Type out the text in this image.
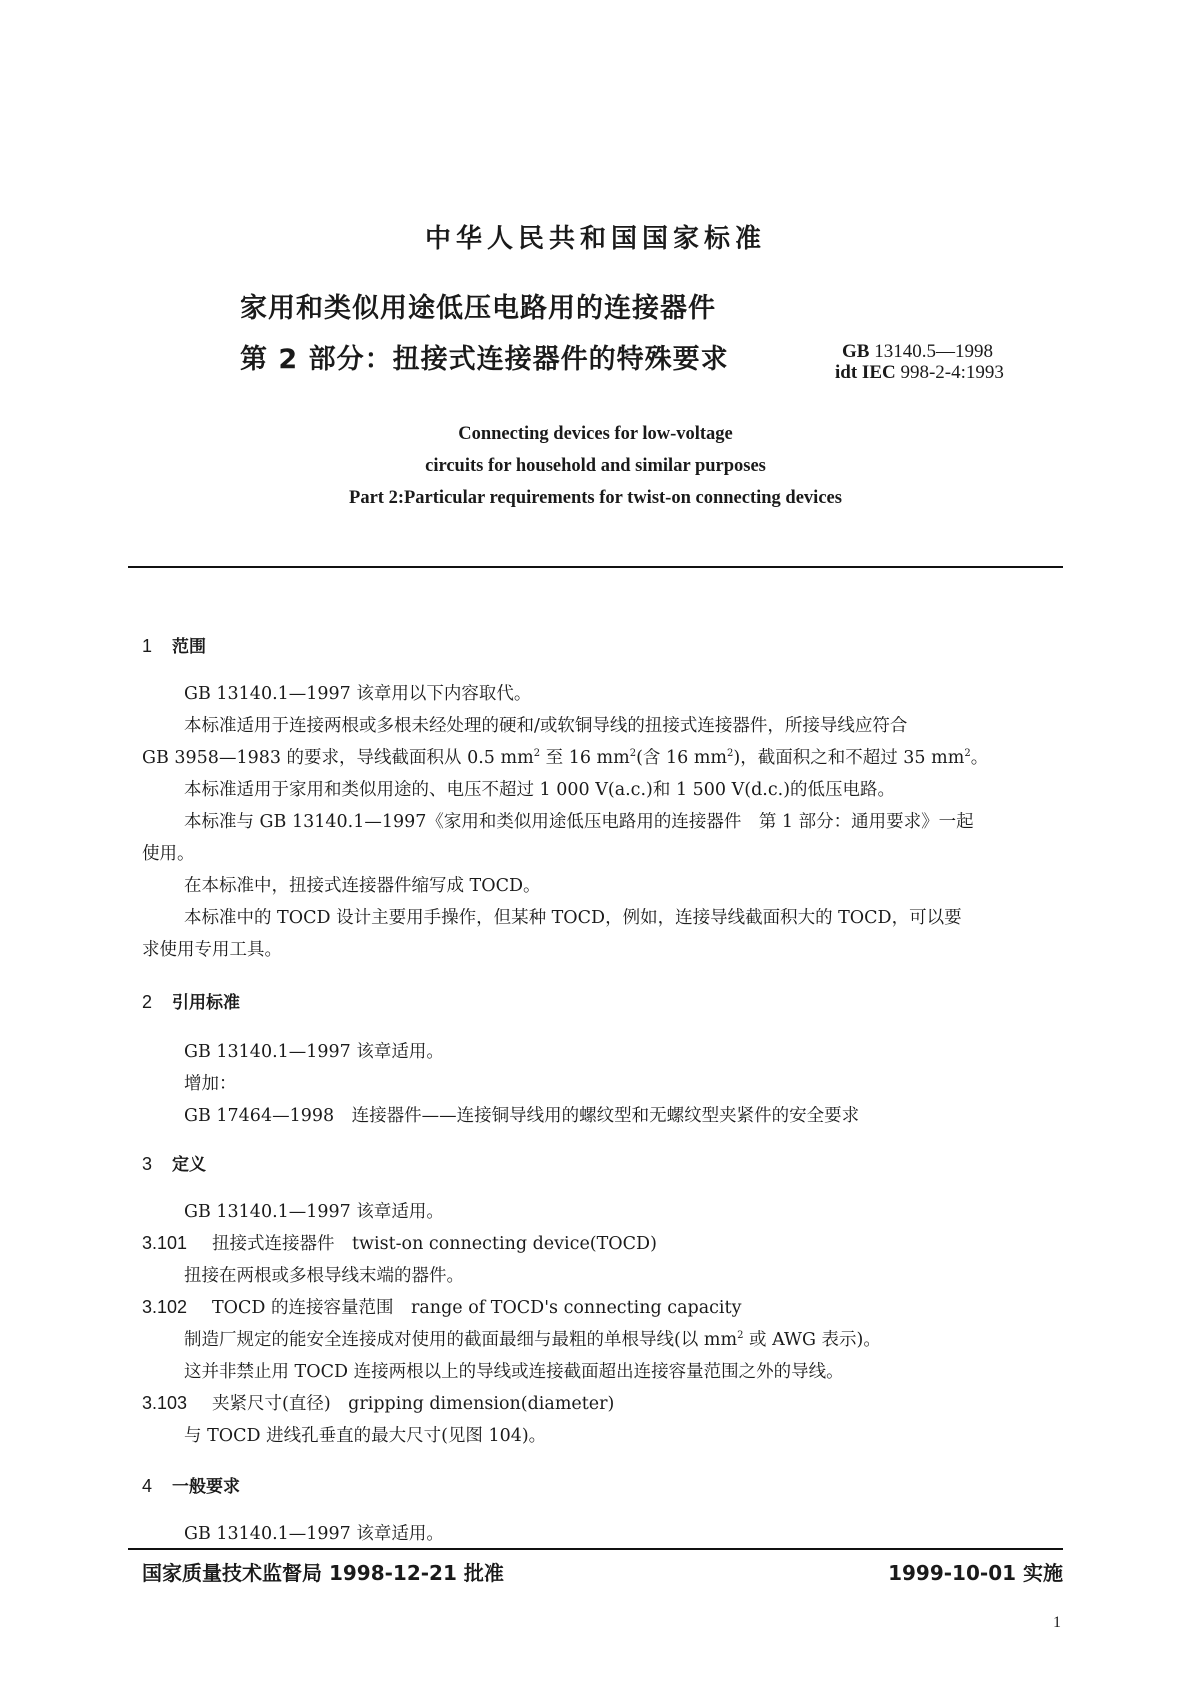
中华人民共和国国家标准
家用和类似用途低压电路用的连接器件
第 2 部分：扭接式连接器件的特殊要求	GB 13140.5—1998
idt IEC 998-2-4:1993
Connecting devices for low-voltage
circuits for household and similar purposes
Part 2:Particular requirements for twist-on connecting devices
1 范围
GB 13140.1—1997 该章用以下内容取代。
本标准适用于连接两根或多根未经处理的硬和/或软铜导线的扭接式连接器件，所接导线应符合
GB 3958—1983 的要求，导线截面积从 0.5 $mm^2$ 至 16 $mm^2$(含 16 $mm^2$)，截面积之和不超过 35 $mm^2$。
本标准适用于家用和类似用途的、电压不超过 1 000 V(a.c.)和 1 500 V(d.c.)的低压电路。
本标准与 GB 13140.1—1997《家用和类似用途低压电路用的连接器件　第 1 部分：通用要求》一起
使用。
在本标准中，扭接式连接器件缩写成 TOCD。
本标准中的 TOCD 设计主要用手操作，但某种 TOCD，例如，连接导线截面积大的 TOCD，可以要
求使用专用工具。
2 引用标准
GB 13140.1—1997 该章适用。
增加：
GB 17464—1998　连接器件——连接铜导线用的螺纹型和无螺纹型夹紧件的安全要求
3 定义
GB 13140.1—1997 该章适用。
3.101 扭接式连接器件　twist-on connecting device(TOCD)
扭接在两根或多根导线末端的器件。
3.102 TOCD 的连接容量范围　range of TOCD's connecting capacity
制造厂规定的能安全连接成对使用的截面最细与最粗的单根导线(以 $mm^2$ 或 AWG 表示)。
这并非禁止用 TOCD 连接两根以上的导线或连接截面超出连接容量范围之外的导线。
3.103 夹紧尺寸(直径)　gripping dimension(diameter)
与 TOCD 进线孔垂直的最大尺寸(见图 104)。
4 一般要求
GB 13140.1—1997 该章适用。
国家质量技术监督局 1998-12-21 批准	1999-10-01 实施
1
